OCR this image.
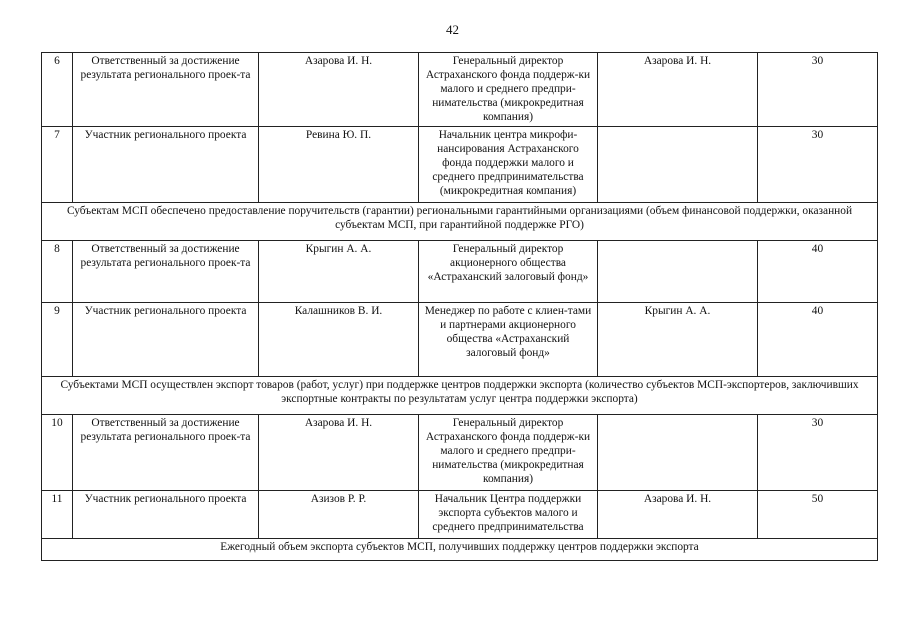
42
6	Ответственный за достижение результата регионального проек-та	Азарова И. Н.	Генеральный директор Астраханского фонда поддерж-ки малого и среднего предпри-нимательства (микрокредитная компания)	Азарова И. Н.	30
7	Участник регионального проекта	Ревина Ю. П.	Начальник центра микрофи-нансирования Астраханского фонда поддержки малого и среднего предпринимательства (микрокредитная компания)		30
Субъектам МСП обеспечено предоставление поручительств (гарантии) региональными гарантийными организациями (объем финансовой поддержки, оказанной субъектам МСП, при гарантийной поддержке РГО)					
8	Ответственный за достижение результата регионального проек-та	Крыгин А. А.	Генеральный директор акционерного общества «Астраханский залоговый фонд»		40
9	Участник регионального проекта	Калашников В. И.	Менеджер по работе с клиен-тами и партнерами акционерного общества «Астраханский залоговый фонд»	Крыгин А. А.	40
Субъектами МСП осуществлен экспорт товаров (работ, услуг) при поддержке центров поддержки экспорта (количество субъектов МСП-экспортеров, заключивших экспортные контракты по результатам услуг центра поддержки экспорта)					
10	Ответственный за достижение результата регионального проек-та	Азарова И. Н.	Генеральный директор Астраханского фонда поддерж-ки малого и среднего предпри-нимательства (микрокредитная компания)		30
11	Участник регионального проекта	Азизов Р. Р.	Начальник Центра поддержки экспорта субъектов малого и среднего предпринимательства	Азарова И. Н.	50
Ежегодный объем экспорта субъектов МСП, получивших поддержку центров поддержки экспорта					
